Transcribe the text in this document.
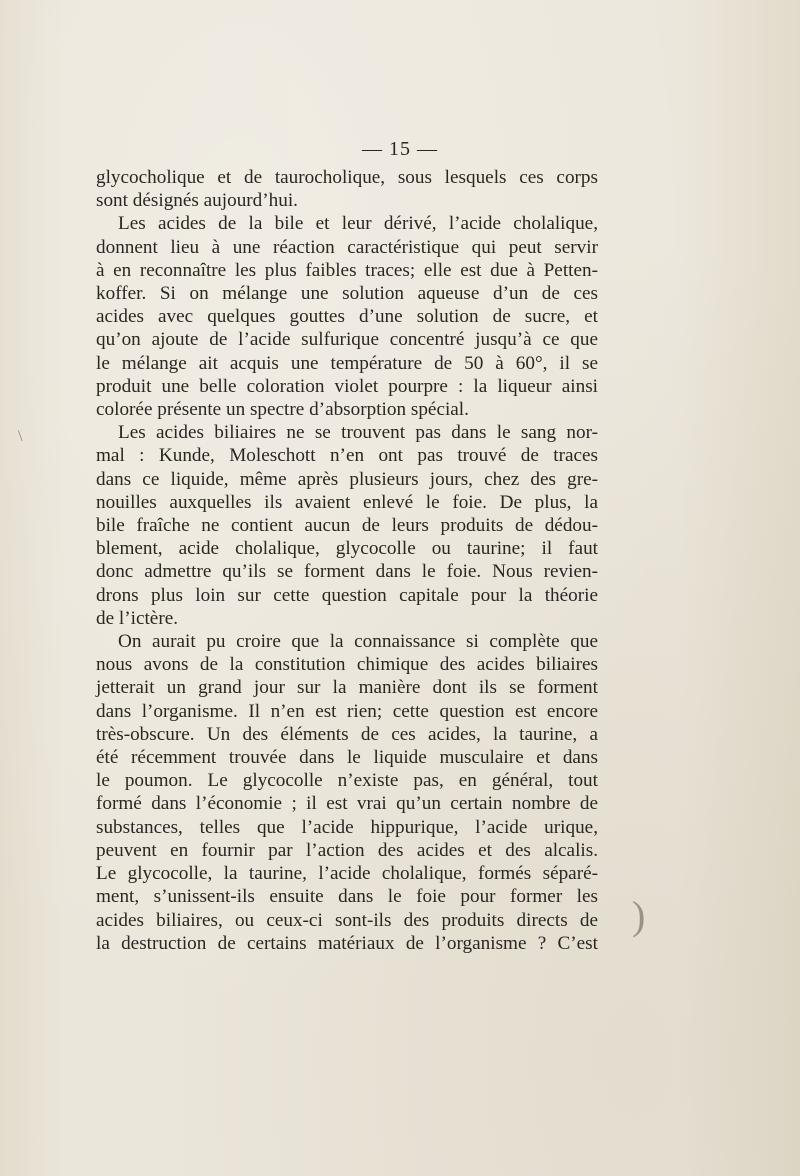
— 15 —
glycocholique et de taurocholique, sous lesquels ces corps
sont désignés aujourd’hui.
Les acides de la bile et leur dérivé, l’acide cholalique,
donnent lieu à une réaction caractéristique qui peut servir
à en reconnaître les plus faibles traces; elle est due à Petten-
koffer. Si on mélange une solution aqueuse d’un de ces
acides avec quelques gouttes d’une solution de sucre, et
qu’on ajoute de l’acide sulfurique concentré jusqu’à ce que
le mélange ait acquis une température de 50 à 60°, il se
produit une belle coloration violet pourpre : la liqueur ainsi
colorée présente un spectre d’absorption spécial.
Les acides biliaires ne se trouvent pas dans le sang nor-
mal : Kunde, Moleschott n’en ont pas trouvé de traces
dans ce liquide, même après plusieurs jours, chez des gre-
nouilles auxquelles ils avaient enlevé le foie. De plus, la
bile fraîche ne contient aucun de leurs produits de dédou-
blement, acide cholalique, glycocolle ou taurine; il faut
donc admettre qu’ils se forment dans le foie. Nous revien-
drons plus loin sur cette question capitale pour la théorie
de l’ictère.
On aurait pu croire que la connaissance si complète que
nous avons de la constitution chimique des acides biliaires
jetterait un grand jour sur la manière dont ils se forment
dans l’organisme. Il n’en est rien; cette question est encore
très-obscure. Un des éléments de ces acides, la taurine, a
été récemment trouvée dans le liquide musculaire et dans
le poumon. Le glycocolle n’existe pas, en général, tout
formé dans l’économie ; il est vrai qu’un certain nombre de
substances, telles que l’acide hippurique, l’acide urique,
peuvent en fournir par l’action des acides et des alcalis.
Le glycocolle, la taurine, l’acide cholalique, formés séparé-
ment, s’unissent-ils ensuite dans le foie pour former les
acides biliaires, ou ceux-ci sont-ils des produits directs de
la destruction de certains matériaux de l’organisme ? C’est
\
)
